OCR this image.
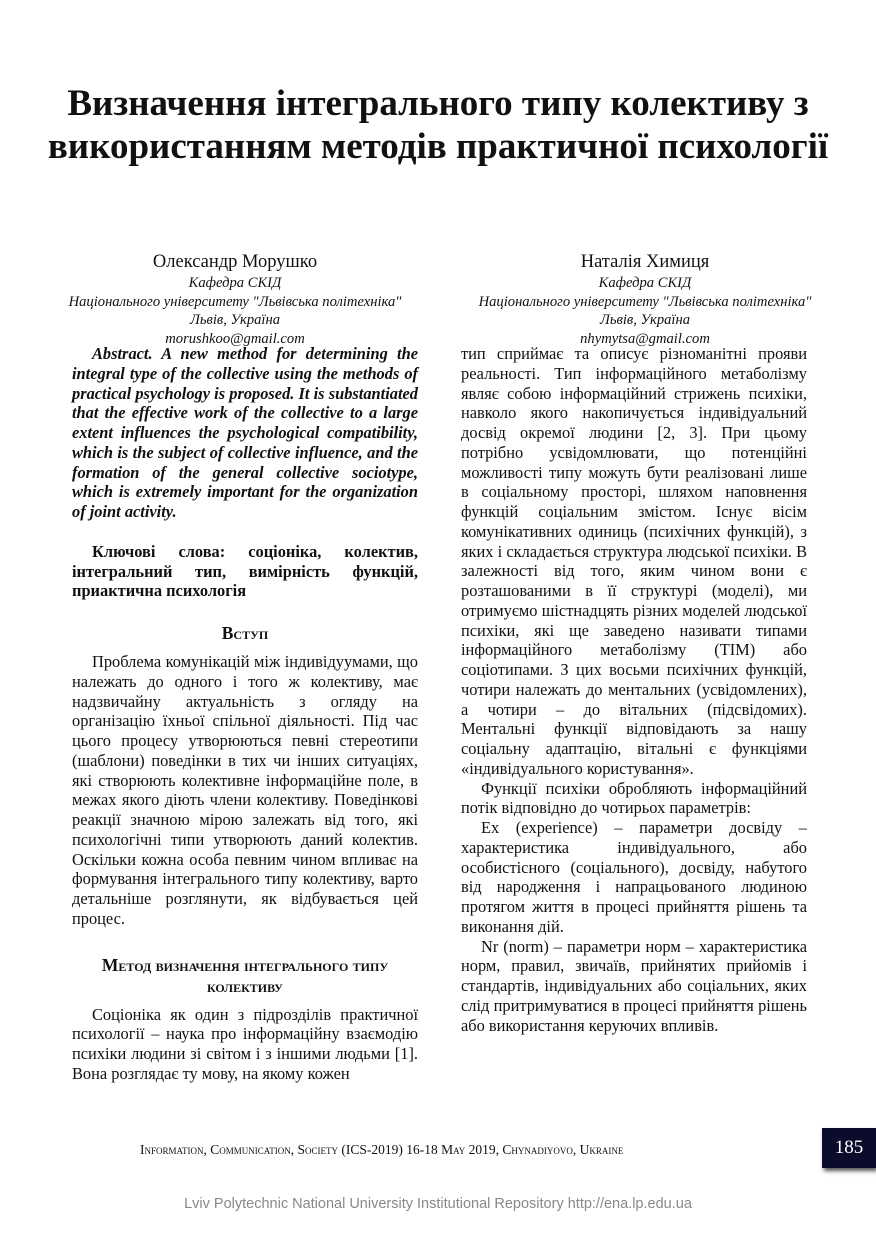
Визначення інтегрального типу колективу з використанням методів практичної психології
Олександр Морушко
Кафедра СКІД
Національного університету "Львівська політехніка"
Львів, Україна
morushkoo@gmail.com
Наталія Химиця
Кафедра СКІД
Національного університету "Львівська політехніка"
Львів, Україна
nhymytsa@gmail.com

Abstract. A new method for determining the integral type of the collective using the methods of practical psychology is proposed. It is substantiated that the effective work of the collective to a large extent influences the psychological compatibility, which is the subject of collective influence, and the formation of the general collective sociotype, which is extremely important for the organization of joint activity.

Ключові слова: соціоніка, колектив, інтегральний тип, вимірність функцій, приактична психологія

Вступ

Проблема комунікацій між індивідуумами, що належать до одного і того ж колективу, має надзвичайну актуальність з огляду на організацію їхньої спільної діяльності. Під час цього процесу утворюються певні стереотипи (шаблони) поведінки в тих чи інших ситуаціях, які створюють колективне інформаційне поле, в межах якого діють члени колективу. Поведінкові реакції значною мірою залежать від того, які психологічні типи утворюють даний колектив. Оскільки кожна особа певним чином впливає на формування інтегрального типу колективу, варто детальніше розглянути, як відбувається цей процес.

Метод визначення інтегрального типу колективу

Соціоніка як один з підрозділів практичної психології – наука про інформаційну взаємодію психіки людини зі світом і з іншими людьми [1]. Вона розглядає ту мову, на якому кожен

тип сприймає та описує різноманітні прояви реальності. Тип інформаційного метаболізму являє собою інформаційний стрижень психіки, навколо якого накопичується індивідуальний досвід окремої людини [2, 3]. При цьому потрібно усвідомлювати, що потенційні можливості типу можуть бути реалізовані лише в соціальному просторі, шляхом наповнення функцій соціальним змістом. Існує вісім комунікативних одиниць (психічних функцій), з яких і складається структура людської психіки. В залежності від того, яким чином вони є розташованими в її структурі (моделі), ми отримуємо шістнадцять різних моделей людської психіки, які ще заведено називати типами інформаційного метаболізму (ТІМ) або соціотипами. З цих восьми психічних функцій, чотири належать до ментальних (усвідомлених), а чотири – до вітальних (підсвідомих). Ментальні функції відповідають за нашу соціальну адаптацію, вітальні є функціями «індивідуального користування».

Функції психіки обробляють інформаційний потік відповідно до чотирьох параметрів:

Ex (experience) – параметри досвіду – характеристика індивідуального, або особистісного (соціального), досвіду, набутого від народження і напрацьованого людиною протягом життя в процесі прийняття рішень та виконання дій.

Nr (norm) – параметри норм – характеристика норм, правил, звичаїв, прийнятих прийомів і стандартів, індивідуальних або соціальних, яких слід притримуватися в процесі прийняття рішень або використання керуючих впливів.

Information, Communication, Society (ICS-2019) 16-18 May 2019, Chynadiyovo, Ukraine	185
Lviv Polytechnic National University Institutional Repository http://ena.lp.edu.ua
